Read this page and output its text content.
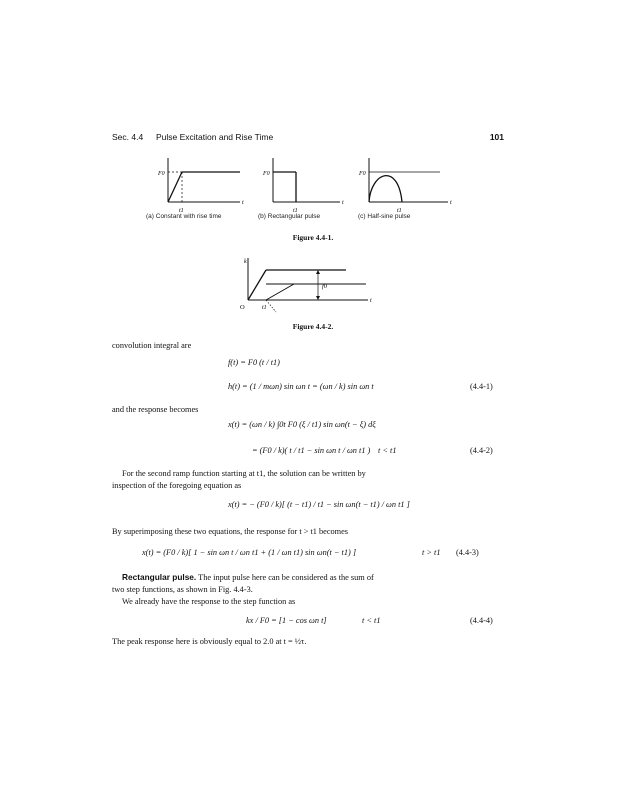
Sec. 4.4 Pulse Excitation and Rise Time	101
F0
t1
t
F0
t1
t
F0
t1
t
(a) Constant with rise time	(b) Rectangular pulse	(c) Half-sine pulse
Figure 4.4-1.
k
O	t1
t
f0
Figure 4.4-2.
convolution integral are
f(t) = F0 (t / t1)
h(t) = (1 / mωn) sin ωn t = (ωn / k) sin ωn t	(4.4-1)
and the response becomes
x(t) = (ωn / k) ∫0t F0 (ξ / t1) sin ωn(t − ξ) dξ
= (F0 / k)( t / t1 − sin ωn t / ωn t1 ) t < t1	(4.4-2)
For the second ramp function starting at t1, the solution can be written by
inspection of the foregoing equation as
x(t) = − (F0 / k)[ (t − t1) / t1 − sin ωn(t − t1) / ωn t1 ]
By superimposing these two equations, the response for t > t1 becomes
x(t) = (F0 / k)[ 1 − sin ωn t / ωn t1 + (1 / ωn t1) sin ωn(t − t1) ]	t > t1 (4.4-3)
Rectangular pulse. The input pulse here can be considered as the sum of
two step functions, as shown in Fig. 4.4-3.
We already have the response to the step function as
kx / F0 = [1 − cos ωn t]	t < t1	(4.4-4)
The peak response here is obviously equal to 2.0 at t = ½τ.
